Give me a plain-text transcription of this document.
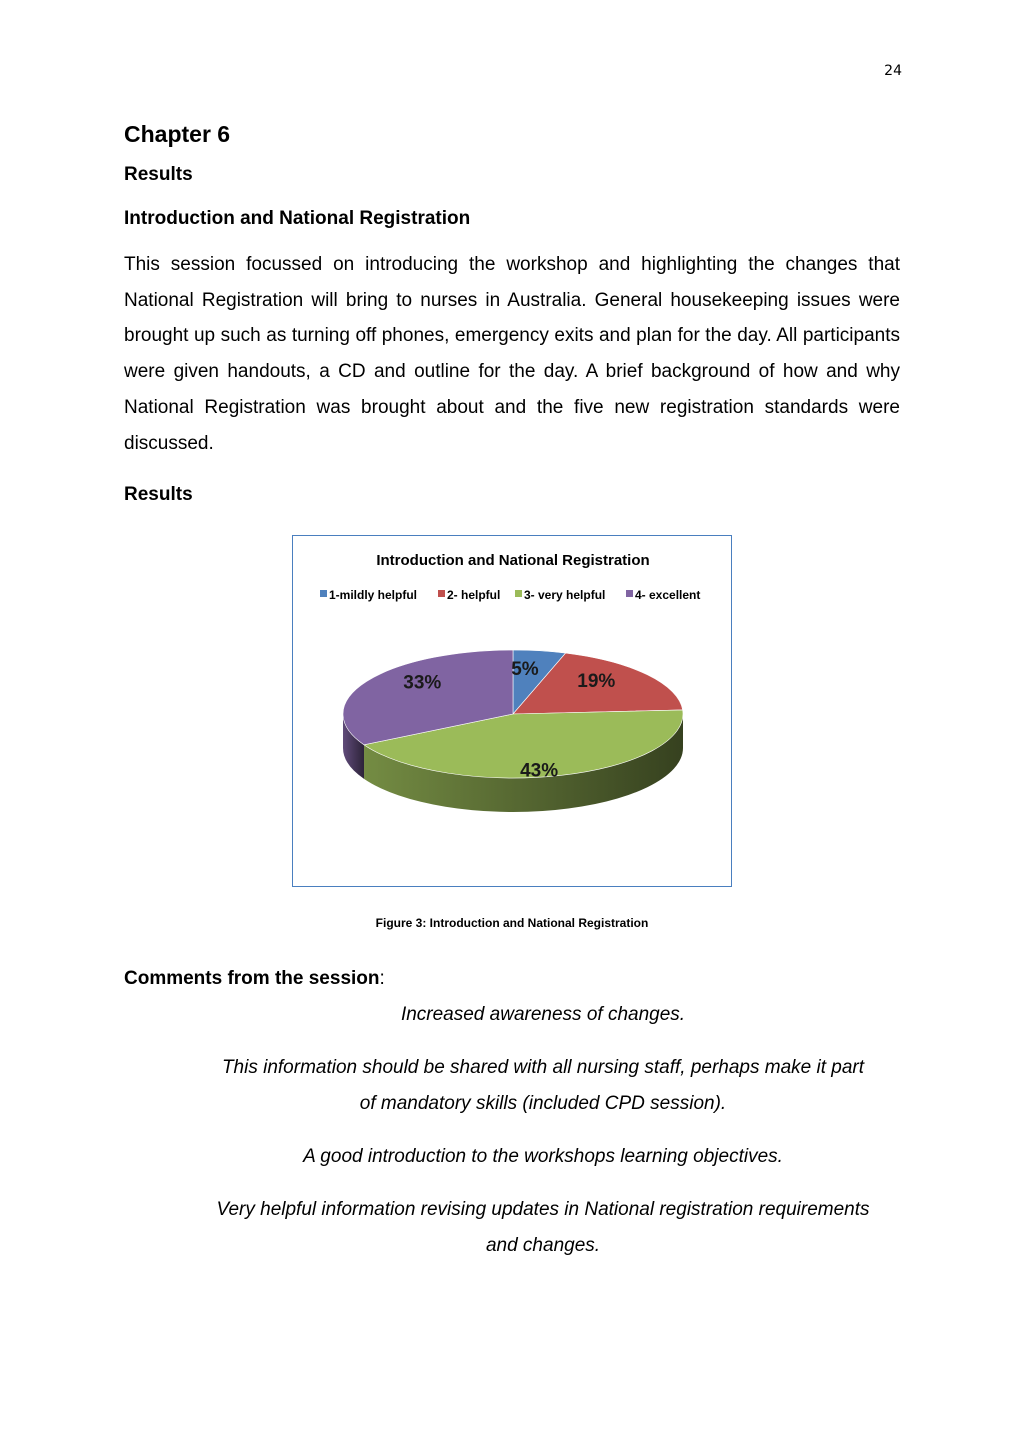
24
Chapter 6
Results
Introduction and National Registration

This session focussed on introducing the workshop and highlighting the changes that National Registration will bring to nurses in Australia. General housekeeping issues were brought up such as turning off phones, emergency exits and plan for the day. All participants were given handouts, a CD and outline for the day. A brief background of how and why National Registration was brought about and the five new registration standards were discussed.

Results
Introduction and National Registration
1-mildly helpful 2- helpful 3- very helpful 4- excellent
5%
19%
43%
33%

Figure 3: Introduction and National Registration

Comments from the session:

Increased awareness of changes.

This information should be shared with all nursing staff, perhaps make it part
of mandatory skills (included CPD session).

A good introduction to the workshops learning objectives.

Very helpful information revising updates in National registration requirements
and changes.
